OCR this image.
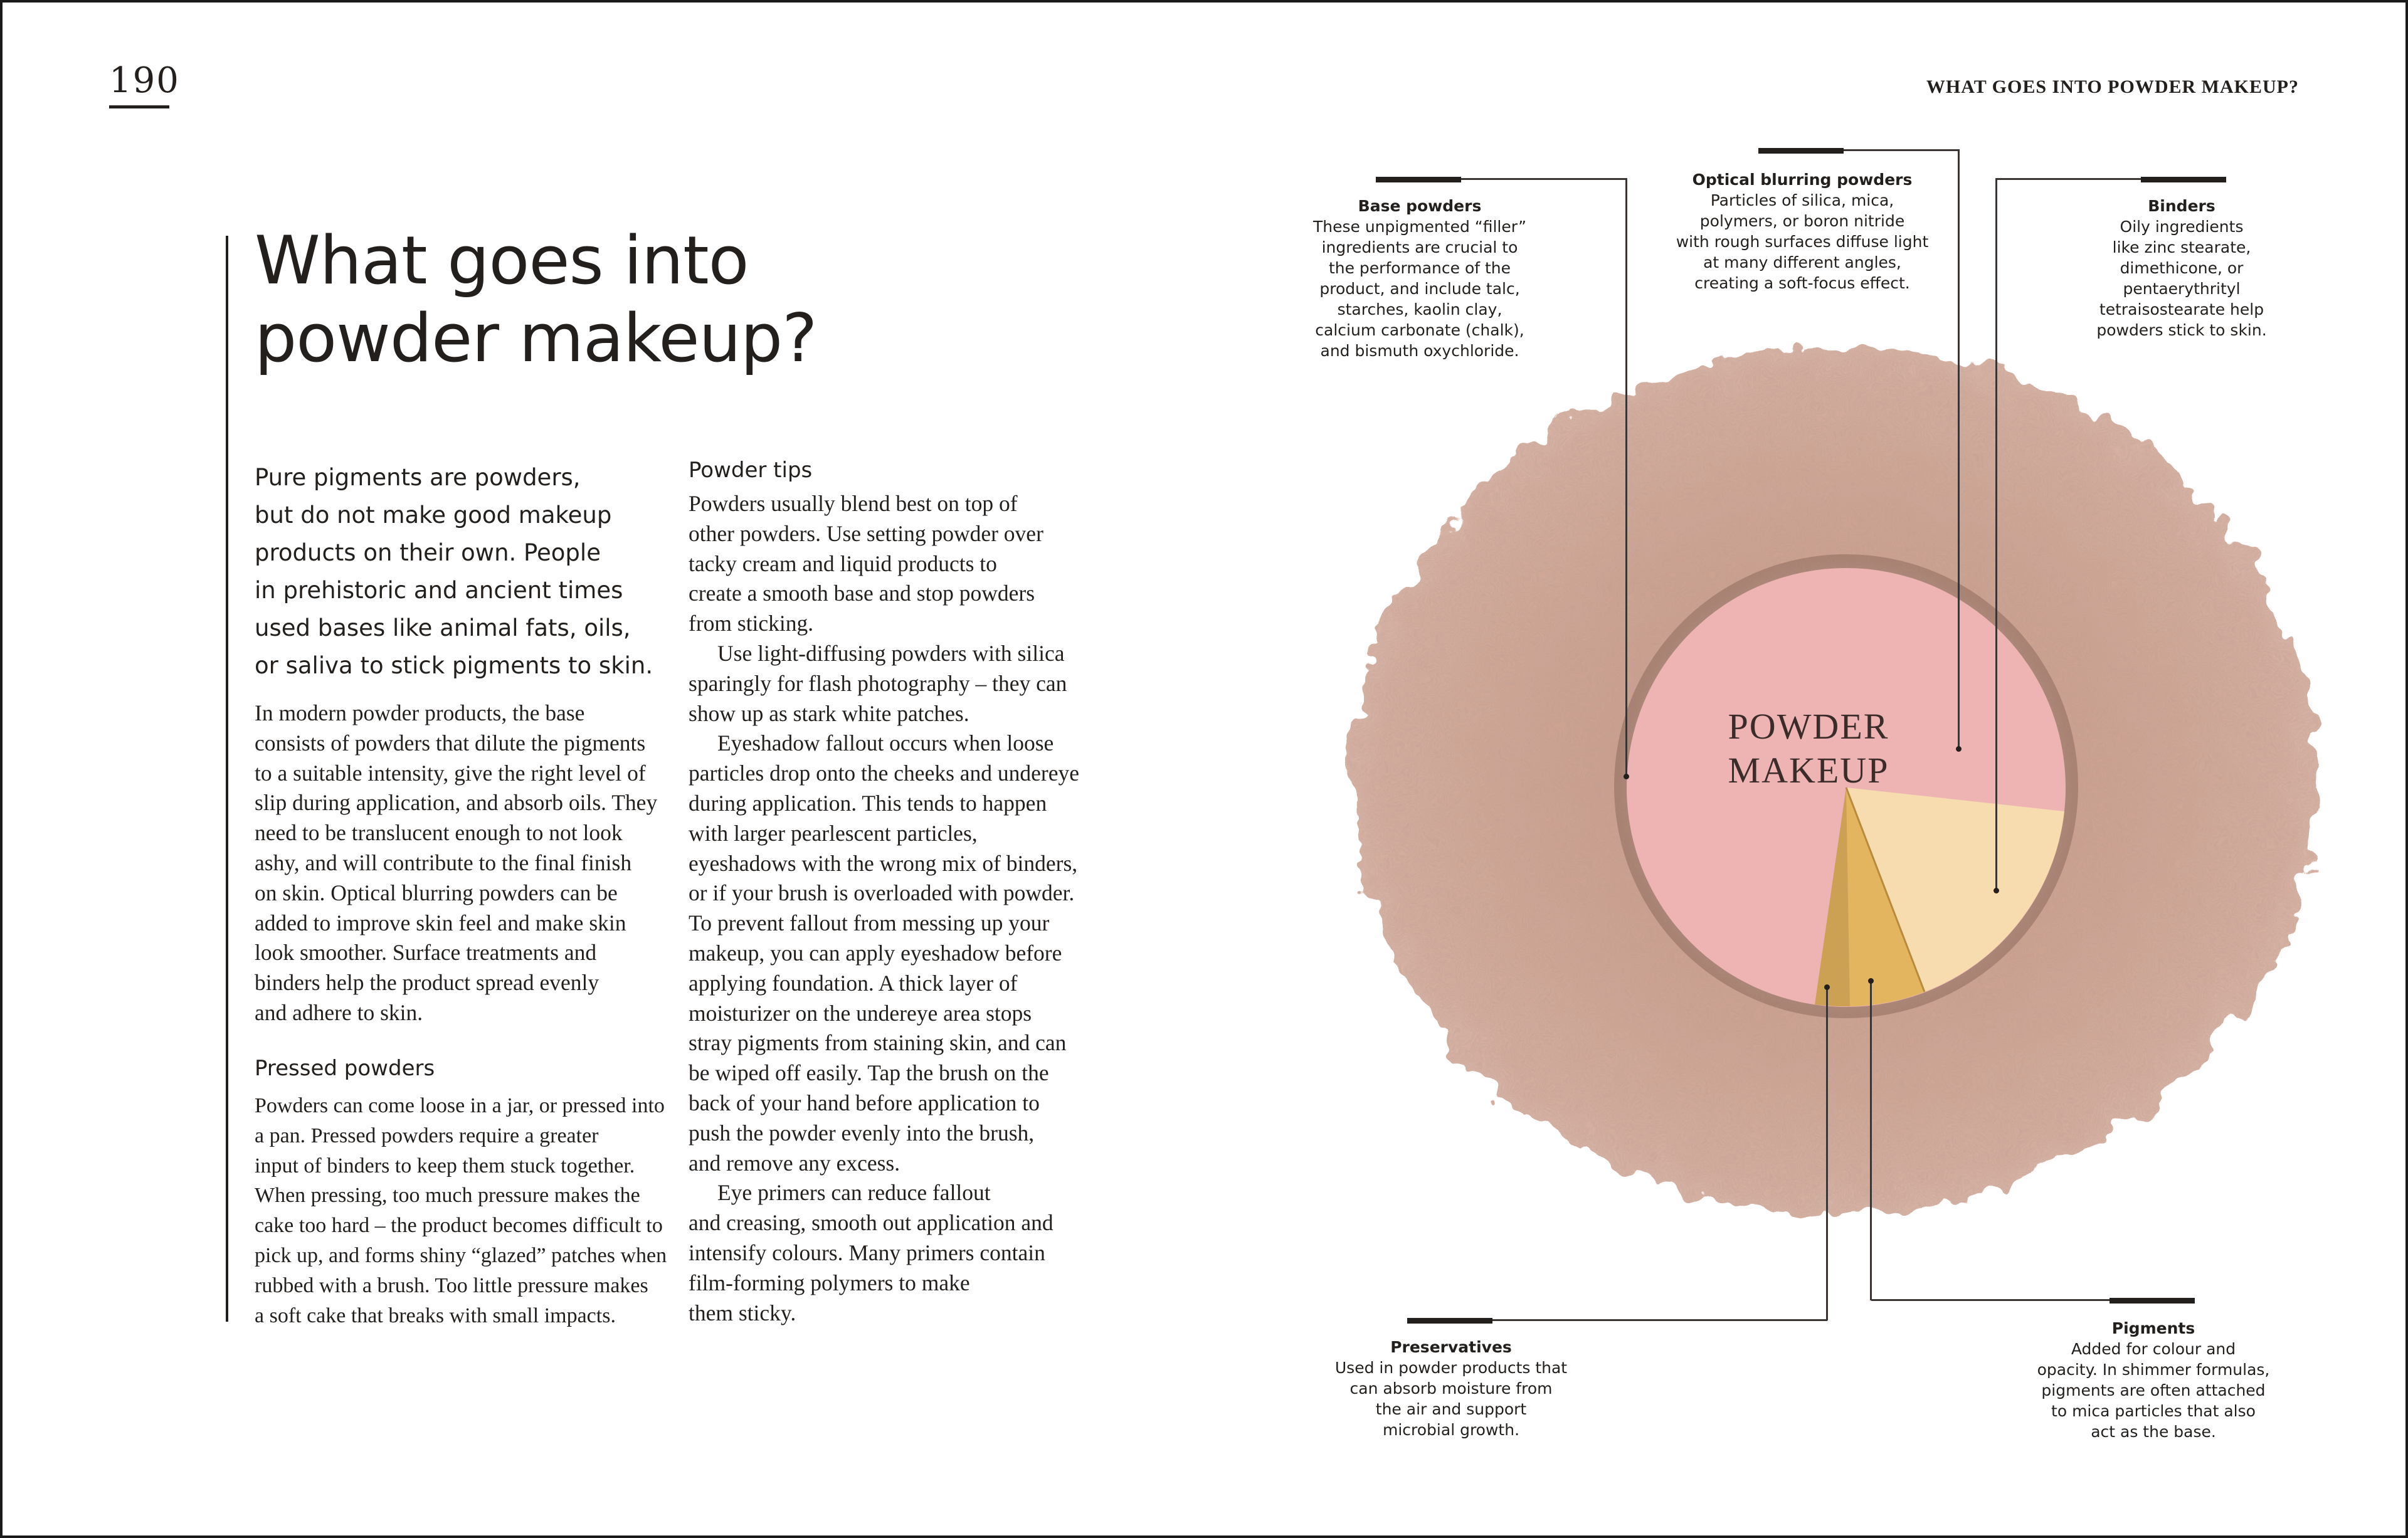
190	WHAT GOES INTO POWDER MAKEUP?
What goes into
powder makeup?
Pure pigments are powders,
but do not make good makeup
products on their own. People
in prehistoric and ancient times
used bases like animal fats, oils,
or saliva to stick pigments to skin.
In modern powder products, the base
consists of powders that dilute the pigments
to a suitable intensity, give the right level of
slip during application, and absorb oils. They
need to be translucent enough to not look
ashy, and will contribute to the final finish
on skin. Optical blurring powders can be
added to improve skin feel and make skin
look smoother. Surface treatments and
binders help the product spread evenly
and adhere to skin.
Pressed powders
Powders can come loose in a jar, or pressed into
a pan. Pressed powders require a greater
input of binders to keep them stuck together.
When pressing, too much pressure makes the
cake too hard – the product becomes difficult to
pick up, and forms shiny “glazed” patches when
rubbed with a brush. Too little pressure makes
a soft cake that breaks with small impacts.
Powder tips
Powders usually blend best on top of
other powders. Use setting powder over
tacky cream and liquid products to
create a smooth base and stop powders
from sticking.
Use light-diffusing powders with silica
sparingly for flash photography – they can
show up as stark white patches.
Eyeshadow fallout occurs when loose
particles drop onto the cheeks and undereye
during application. This tends to happen
with larger pearlescent particles,
eyeshadows with the wrong mix of binders,
or if your brush is overloaded with powder.
To prevent fallout from messing up your
makeup, you can apply eyeshadow before
applying foundation. A thick layer of
moisturizer on the undereye area stops
stray pigments from staining skin, and can
be wiped off easily. Tap the brush on the
back of your hand before application to
push the powder evenly into the brush,
and remove any excess.
Eye primers can reduce fallout
and creasing, smooth out application and
intensify colours. Many primers contain
film-forming polymers to make
them sticky.
POWDER
MAKEUP
Base powders
These unpigmented “filler”
ingredients are crucial to
the performance of the
product, and include talc,
starches, kaolin clay,
calcium carbonate (chalk),
and bismuth oxychloride.
Optical blurring powders
Particles of silica, mica,
polymers, or boron nitride
with rough surfaces diffuse light
at many different angles,
creating a soft-focus effect.
Binders
Oily ingredients
like zinc stearate,
dimethicone, or
pentaerythrityl
tetraisostearate help
powders stick to skin.
Preservatives
Used in powder products that
can absorb moisture from
the air and support
microbial growth.
Pigments
Added for colour and
opacity. In shimmer formulas,
pigments are often attached
to mica particles that also
act as the base.
